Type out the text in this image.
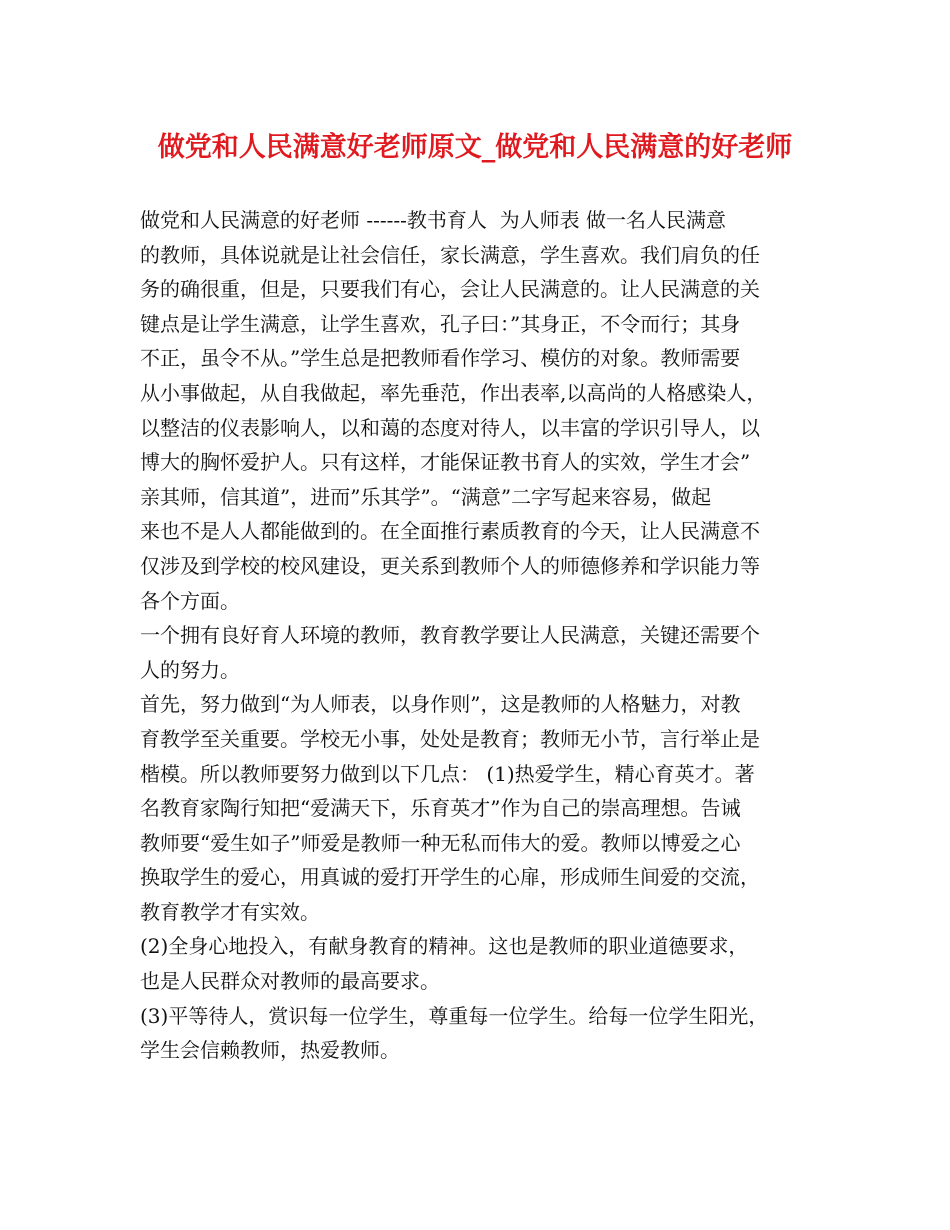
做党和人民满意好老师原文_做党和人民满意的好老师
做党和人民满意的好老师 ------教书育人  为人师表 做一名人民满意
的教师，具体说就是让社会信任，家长满意，学生喜欢。我们肩负的任
务的确很重，但是，只要我们有心，会让人民满意的。让人民满意的关
键点是让学生满意，让学生喜欢，孔子曰：”其身正，不令而行；其身
不正，虽令不从。”学生总是把教师看作学习、模仿的对象。教师需要
从小事做起，从自我做起，率先垂范，作出表率,以高尚的人格感染人，
以整洁的仪表影响人，以和蔼的态度对待人，以丰富的学识引导人，以
博大的胸怀爱护人。只有这样，才能保证教书育人的实效，学生才会”
亲其师，信其道”，进而”乐其学”。“满意”二字写起来容易，做起
来也不是人人都能做到的。在全面推行素质教育的今天，让人民满意不
仅涉及到学校的校风建设，更关系到教师个人的师德修养和学识能力等
各个方面。
一个拥有良好育人环境的教师，教育教学要让人民满意，关键还需要个
人的努力。
首先，努力做到“为人师表，以身作则”，这是教师的人格魅力，对教
育教学至关重要。学校无小事，处处是教育；教师无小节，言行举止是
楷模。所以教师要努力做到以下几点： (1)热爱学生，精心育英才。著
名教育家陶行知把“爱满天下，乐育英才”作为自己的崇高理想。告诫
教师要“爱生如子”师爱是教师一种无私而伟大的爱。教师以博爱之心
换取学生的爱心，用真诚的爱打开学生的心扉，形成师生间爱的交流，
教育教学才有实效。
(2)全身心地投入，有献身教育的精神。这也是教师的职业道德要求，
也是人民群众对教师的最高要求。
(3)平等待人，赏识每一位学生，尊重每一位学生。给每一位学生阳光，
学生会信赖教师，热爱教师。
